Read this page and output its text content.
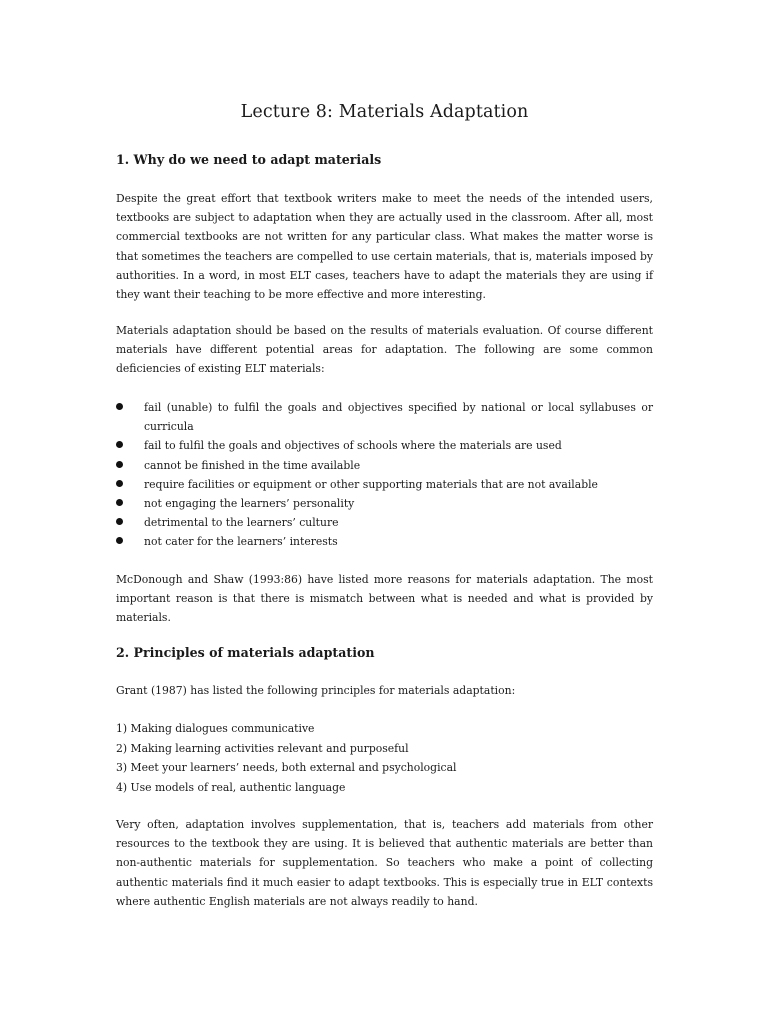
Lecture 8: Materials Adaptation
1. Why do we need to adapt materials
Despite the great effort that textbook writers make to meet the needs of the intended users, textbooks are subject to adaptation when they are actually used in the classroom. After all, most commercial textbooks are not written for any particular class. What makes the matter worse is that sometimes the teachers are compelled to use certain materials, that is, materials imposed by authorities. In a word, in most ELT cases, teachers have to adapt the materials they are using if they want their teaching to be more effective and more interesting.
Materials adaptation should be based on the results of materials evaluation. Of course different materials have different potential areas for adaptation. The following are some common deficiencies of existing ELT materials:
fail (unable) to fulfil the goals and objectives specified by national or local syllabuses or curricula
fail to fulfil the goals and objectives of schools where the materials are used
cannot be finished in the time available
require facilities or equipment or other supporting materials that are not available
not engaging the learners’ personality
detrimental to the learners’ culture
not cater for the learners’ interests
McDonough and Shaw (1993:86) have listed more reasons for materials adaptation. The most important reason is that there is mismatch between what is needed and what is provided by materials.
2. Principles of materials adaptation
Grant (1987) has listed the following principles for materials adaptation:
1) Making dialogues communicative
2) Making learning activities relevant and purposeful
3) Meet your learners’ needs, both external and psychological
4) Use models of real, authentic language
Very often, adaptation involves supplementation, that is, teachers add materials from other resources to the textbook they are using. It is believed that authentic materials are better than non-authentic materials for supplementation. So teachers who make a point of collecting authentic materials find it much easier to adapt textbooks. This is especially true in ELT contexts where authentic English materials are not always readily to hand.
